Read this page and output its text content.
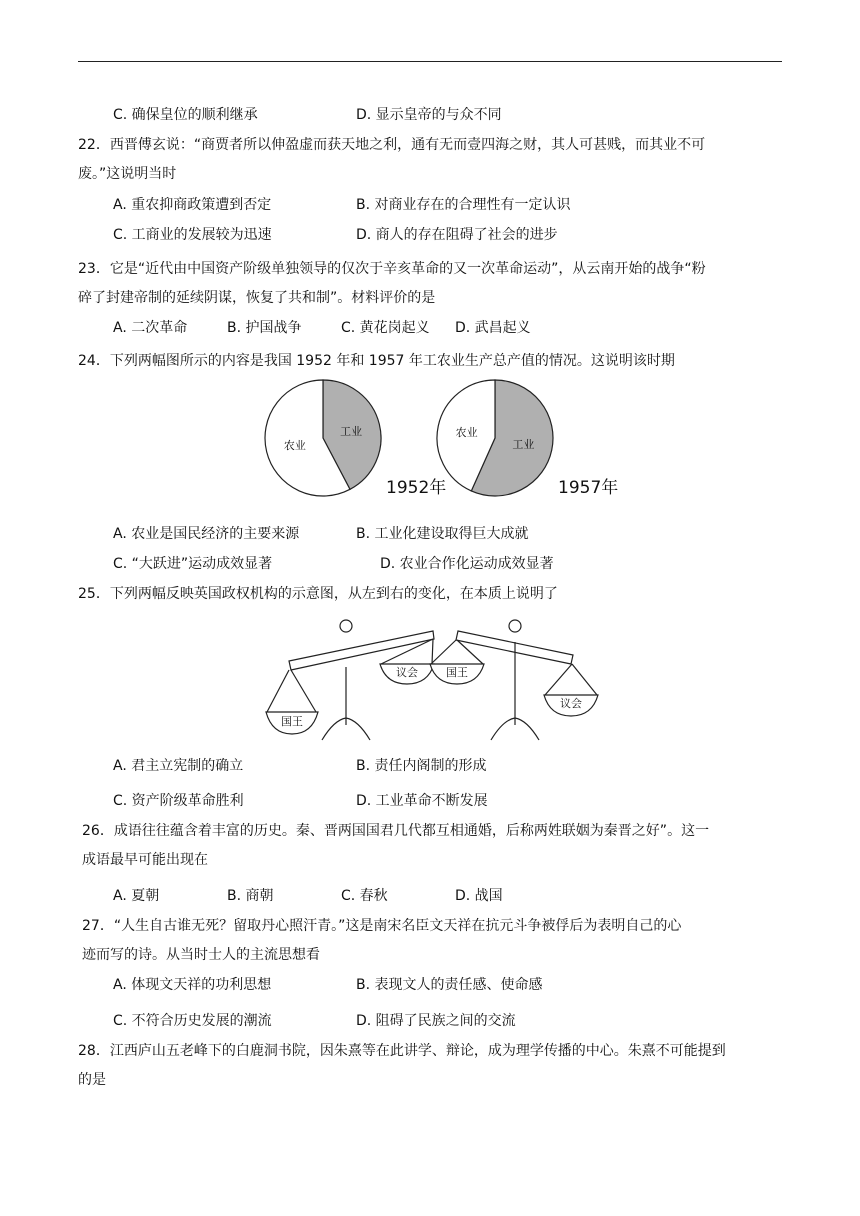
C. 确保皇位的顺利继承	D. 显示皇帝的与众不同
22．西晋傅玄说：“商贾者所以伸盈虚而获天地之利，通有无而壹四海之财，其人可甚贱，而其业不可
废。”这说明当时
A. 重农抑商政策遭到否定	B. 对商业存在的合理性有一定认识
C. 工商业的发展较为迅速	D. 商人的存在阻碍了社会的进步
23．它是“近代由中国资产阶级单独领导的仅次于辛亥革命的又一次革命运动”，从云南开始的战争“粉
碎了封建帝制的延续阴谋，恢复了共和制”。材料评价的是
A. 二次革命	B. 护国战争	C. 黄花岗起义 D. 武昌起义
24．下列两幅图所示的内容是我国 1952 年和 1957 年工农业生产总产值的情况。这说明该时期
工业
农业
1952年
工业
农业
1957年
A. 农业是国民经济的主要来源	B. 工业化建设取得巨大成就
C. “大跃进”运动成效显著	D. 农业合作化运动成效显著
25．下列两幅反映英国政权机构的示意图，从左到右的变化，在本质上说明了
国王
议会	国王
议会
A. 君主立宪制的确立	B. 责任内阁制的形成
C. 资产阶级革命胜利	D. 工业革命不断发展
26．成语往往蕴含着丰富的历史。秦、晋两国国君几代都互相通婚，后称两姓联姻为秦晋之好”。这一
成语最早可能出现在
A. 夏朝	B. 商朝	C. 春秋	D. 战国
27．“人生自古谁无死？留取丹心照汗青。”这是南宋名臣文天祥在抗元斗争被俘后为表明自己的心
迹而写的诗。从当时士人的主流思想看
A. 体现文天祥的功利思想	B. 表现文人的责任感、使命感
C. 不符合历史发展的潮流	D. 阻碍了民族之间的交流
28．江西庐山五老峰下的白鹿洞书院，因朱熹等在此讲学、辩论，成为理学传播的中心。朱熹不可能提到
的是
